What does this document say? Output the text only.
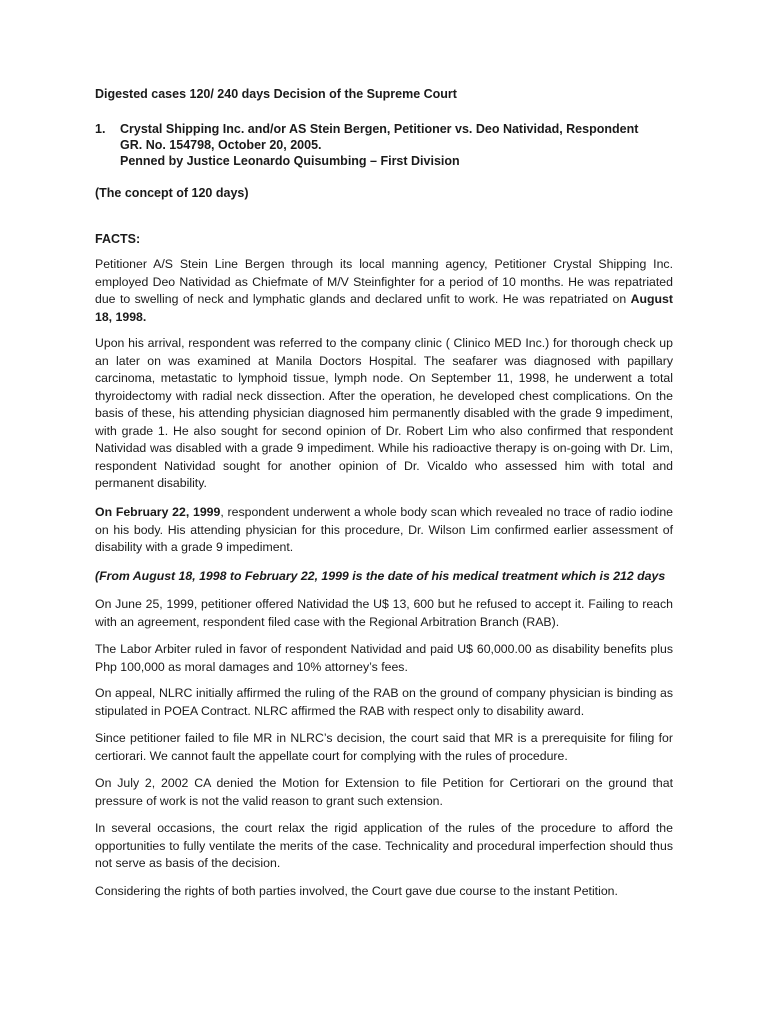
Digested cases 120/ 240 days Decision of the Supreme Court
1. Crystal Shipping Inc. and/or AS Stein Bergen, Petitioner vs. Deo Natividad, Respondent
GR. No. 154798, October 20, 2005.
Penned by Justice Leonardo Quisumbing – First Division
(The concept of 120 days)
FACTS:
Petitioner A/S Stein Line Bergen through its local manning agency, Petitioner Crystal Shipping Inc. employed Deo Natividad as Chiefmate of M/V Steinfighter for a period of 10 months. He was repatriated due to swelling of neck and lymphatic glands and declared unfit to work. He was repatriated on August 18, 1998.
Upon his arrival, respondent was referred to the company clinic ( Clinico MED Inc.) for thorough check up an later on was examined at Manila Doctors Hospital. The seafarer was diagnosed with papillary carcinoma, metastatic to lymphoid tissue, lymph node. On September 11, 1998, he underwent a total thyroidectomy with radial neck dissection. After the operation, he developed chest complications. On the basis of these, his attending physician diagnosed him permanently disabled with the grade 9 impediment, with grade 1. He also sought for second opinion of Dr. Robert Lim who also confirmed that respondent Natividad was disabled with a grade 9 impediment. While his radioactive therapy is on-going with Dr. Lim, respondent Natividad sought for another opinion of Dr. Vicaldo who assessed him with total and permanent disability.
On February 22, 1999, respondent underwent a whole body scan which revealed no trace of radio iodine on his body. His attending physician for this procedure, Dr. Wilson Lim confirmed earlier assessment of disability with a grade 9 impediment.
(From August 18, 1998 to February 22, 1999 is the date of his medical treatment which is 212 days
On June 25, 1999, petitioner offered Natividad the U$ 13, 600 but he refused to accept it. Failing to reach with an agreement, respondent filed case with the Regional Arbitration Branch (RAB).
The Labor Arbiter ruled in favor of respondent Natividad and paid U$ 60,000.00 as disability benefits plus Php 100,000 as moral damages and 10% attorney’s fees.
On appeal, NLRC initially affirmed the ruling of the RAB on the ground of company physician is binding as stipulated in POEA Contract. NLRC affirmed the RAB with respect only to disability award.
Since petitioner failed to file MR in NLRC’s decision, the court said that MR is a prerequisite for filing for certiorari. We cannot fault the appellate court for complying with the rules of procedure.
On July 2, 2002 CA denied the Motion for Extension to file Petition for Certiorari on the ground that pressure of work is not the valid reason to grant such extension.
In several occasions, the court relax the rigid application of the rules of the procedure to afford the opportunities to fully ventilate the merits of the case. Technicality and procedural imperfection should thus not serve as basis of the decision.
Considering the rights of both parties involved, the Court gave due course to the instant Petition.
